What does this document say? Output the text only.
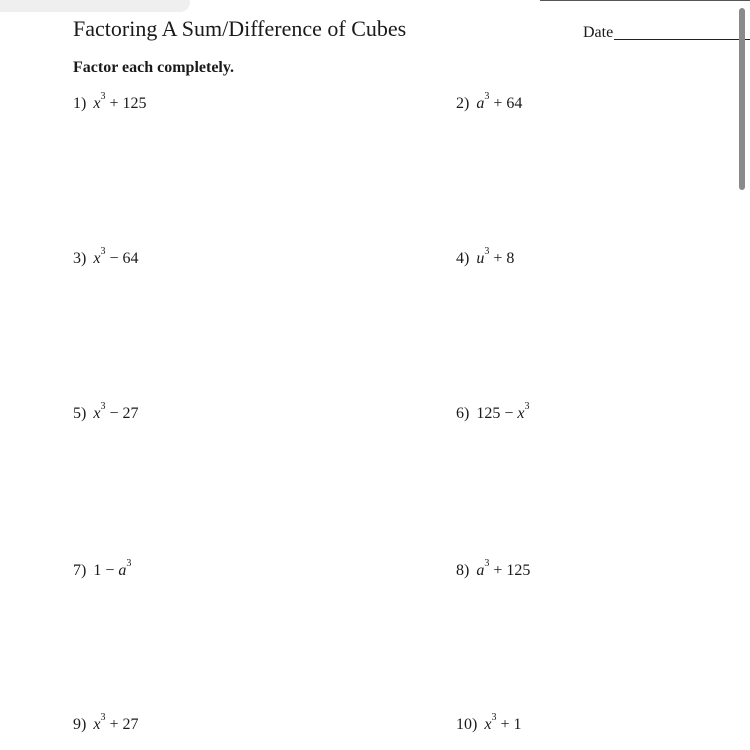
Factoring A Sum/Difference of Cubes	Date
Factor each completely.
1) $x^3 + 125$	2) $a^3 + 64$
3) $x^3 - 64$	4) $u^3 + 8$
5) $x^3 - 27$	6) $125 - x^3$
7) $1 - a^3$	8) $a^3 + 125$
9) $x^3 + 27$	10) $x^3 + 1$
